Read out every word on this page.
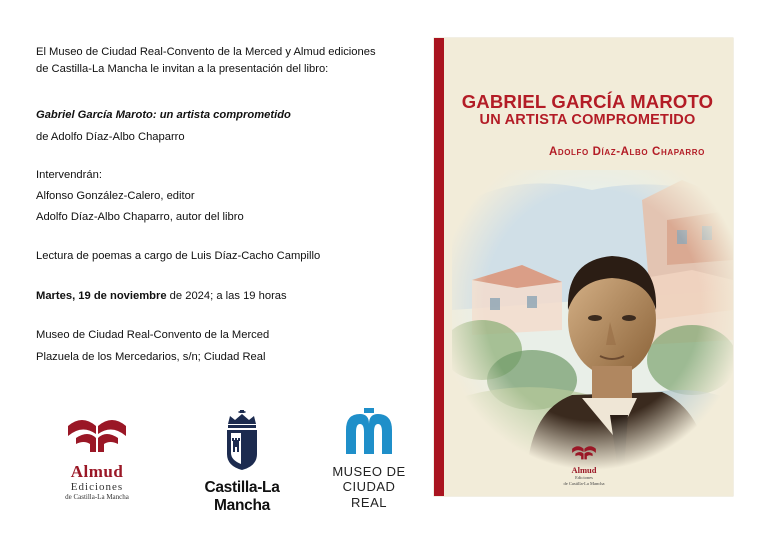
El Museo de Ciudad Real-Convento de la Merced y Almud ediciones

de Castilla-La Mancha le invitan a la presentación del libro:

Gabriel García Maroto: un artista comprometido

de Adolfo Díaz-Albo Chaparro

Intervendrán:

Alfonso González-Calero, editor

Adolfo Díaz-Albo Chaparro, autor del libro

Lectura de poemas a cargo de Luis Díaz-Cacho Campillo

Martes, 19 de noviembre de 2024; a las 19 horas

Museo de Ciudad Real-Convento de la Merced

Plazuela de los Mercedarios, s/n; Ciudad Real

Almud
Ediciones
de Castilla-La Mancha
Castilla-La Mancha
MUSEO DE
CIUDAD REAL
GABRIEL GARCÍA MAROTO
UN ARTISTA COMPROMETIDO
Adolfo Díaz-Albo Chaparro
Almud
Ediciones
de Castilla-La Mancha
